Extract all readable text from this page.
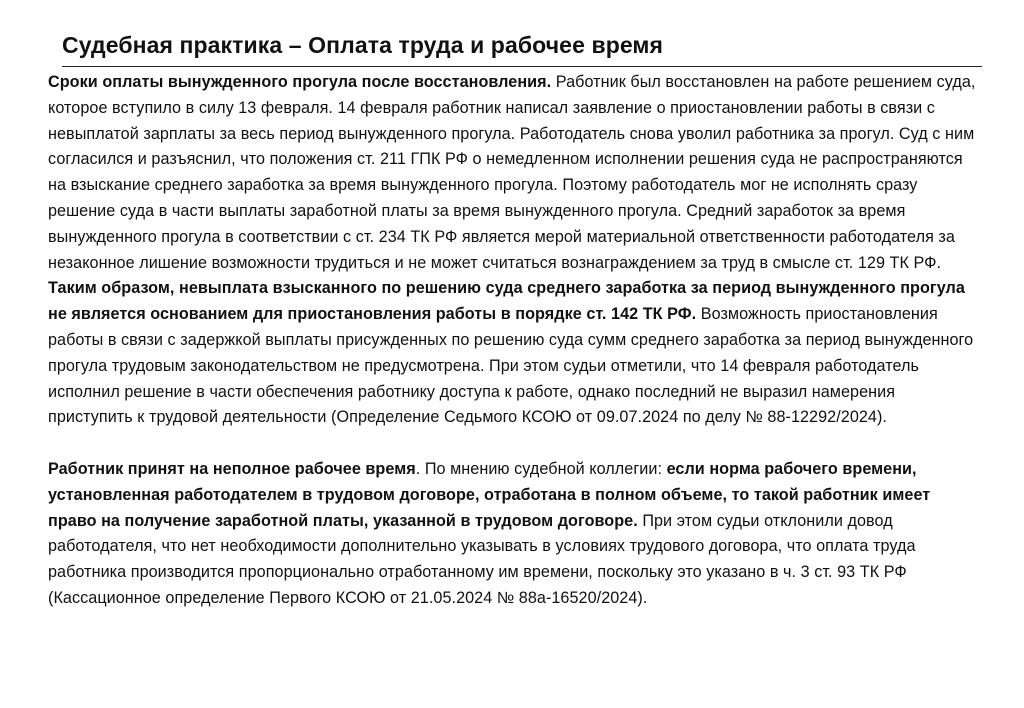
Судебная практика – Оплата труда и рабочее время

Сроки оплаты вынужденного прогула после восстановления. Работник был восстановлен на работе решением суда, которое вступило в силу 13 февраля. 14 февраля работник написал заявление о приостановлении работы в связи с невыплатой зарплаты за весь период вынужденного прогула. Работодатель снова уволил работника за прогул. Суд с ним согласился и разъяснил, что положения ст. 211 ГПК РФ о немедленном исполнении решения суда не распространяются на взыскание среднего заработка за время вынужденного прогула. Поэтому работодатель мог не исполнять сразу решение суда в части выплаты заработной платы за время вынужденного прогула. Средний заработок за время вынужденного прогула в соответствии с ст. 234 ТК РФ является мерой материальной ответственности работодателя за незаконное лишение возможности трудиться и не может считаться вознаграждением за труд в смысле ст. 129 ТК РФ. Таким образом, невыплата взысканного по решению суда среднего заработка за период вынужденного прогула не является основанием для приостановления работы в порядке ст. 142 ТК РФ. Возможность приостановления работы в связи с задержкой выплаты присужденных по решению суда сумм среднего заработка за период вынужденного прогула трудовым законодательством не предусмотрена. При этом судьи отметили, что 14 февраля работодатель исполнил решение в части обеспечения работнику доступа к работе, однако последний не выразил намерения приступить к трудовой деятельности (Определение Седьмого КСОЮ от 09.07.2024 по делу № 88-12292/2024).

Работник принят на неполное рабочее время. По мнению судебной коллегии: если норма рабочего времени, установленная работодателем в трудовом договоре, отработана в полном объеме, то такой работник имеет право на получение заработной платы, указанной в трудовом договоре. При этом судьи отклонили довод работодателя, что нет необходимости дополнительно указывать в условиях трудового договора, что оплата труда работника производится пропорционально отработанному им времени, поскольку это указано в ч. 3 ст. 93 ТК РФ (Кассационное определение Первого КСОЮ от 21.05.2024 № 88а-16520/2024).
